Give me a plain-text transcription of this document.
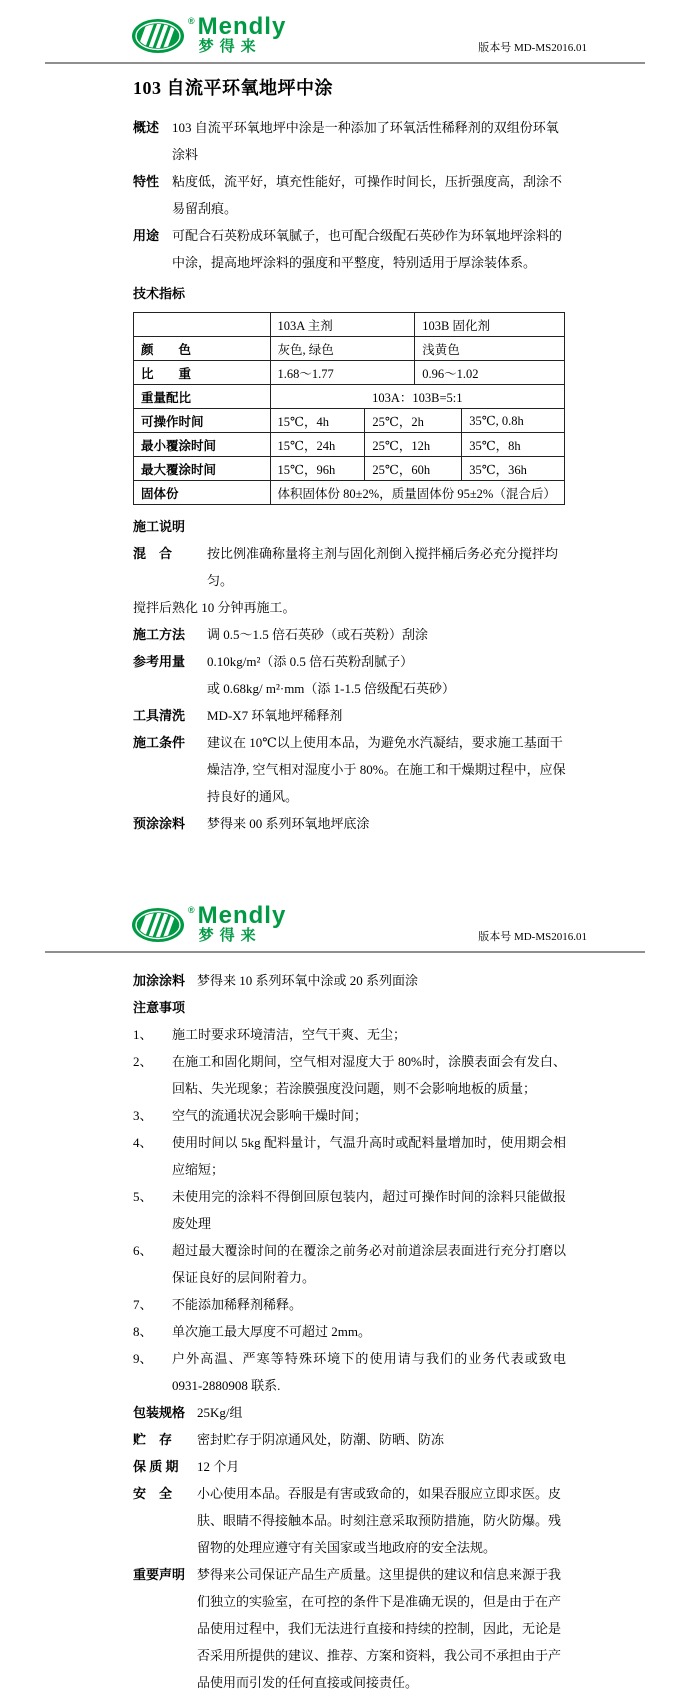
® Mendly
梦得来	版本号 MD-MS2016.01
103 自流平环氧地坪中涂
概述 103 自流平环氧地坪中涂是一种添加了环氧活性稀释剂的双组份环氧涂料
特性 粘度低，流平好，填充性能好，可操作时间长，压折强度高，刮涂不易留刮痕。
用途 可配合石英粉成环氧腻子，也可配合级配石英砂作为环氧地坪涂料的中涂，提高地坪涂料的强度和平整度，特别适用于厚涂装体系。
技术指标
	103A 主剂		103B 固化剂	
颜        色	灰色, 绿色		浅黄色	
比        重	1.68～1.77		0.96～1.02	
重量配比	103A：103B=5:1			
可操作时间	15℃，4h	25℃，2h		35℃, 0.8h
最小覆涂时间	15℃，24h	25℃，12h		35℃，8h
最大覆涂时间	15℃，96h	25℃，60h		35℃，36h
固体份	体积固体份 80±2%，质量固体份 95±2%（混合后）			
施工说明
混    合	按比例准确称量将主剂与固化剂倒入搅拌桶后务必充分搅拌均匀。
搅拌后熟化 10 分钟再施工。
施工方法	调 0.5～1.5 倍石英砂（或石英粉）刮涂
参考用量	0.10kg/m²（添 0.5 倍石英粉刮腻子）
或 0.68kg/ m²·mm（添 1-1.5 倍级配石英砂）
工具清洗	MD-X7 环氧地坪稀释剂
施工条件	建议在 10℃以上使用本品，为避免水汽凝结，要求施工基面干燥洁净, 空气相对湿度小于 80%。在施工和干燥期过程中，应保持良好的通风。
预涂涂料	梦得来 00 系列环氧地坪底涂
® Mendly
梦得来	版本号 MD-MS2016.01
加涂涂料 梦得来 10 系列环氧中涂或 20 系列面涂
注意事项
1、	施工时要求环境清洁，空气干爽、无尘；
2、	在施工和固化期间，空气相对湿度大于 80%时，涂膜表面会有发白、回粘、失光现象；若涂膜强度没问题，则不会影响地板的质量；
3、	空气的流通状况会影响干燥时间；
4、	使用时间以 5kg 配料量计，气温升高时或配料量增加时，使用期会相应缩短；
5、	未使用完的涂料不得倒回原包装内，超过可操作时间的涂料只能做报废处理
6、	超过最大覆涂时间的在覆涂之前务必对前道涂层表面进行充分打磨以保证良好的层间附着力。
7、	不能添加稀释剂稀释。
8、	单次施工最大厚度不可超过 2mm。
9、	户外高温、严寒等特殊环境下的使用请与我们的业务代表或致电 0931-2880908 联系.
包装规格 25Kg/组
贮    存	密封贮存于阴凉通风处，防潮、防晒、防冻
保 质 期	12 个月
安    全	小心使用本品。吞服是有害或致命的，如果吞服应立即求医。皮肤、眼睛不得接触本品。时刻注意采取预防措施，防火防爆。残留物的处理应遵守有关国家或当地政府的安全法规。
重要声明 梦得来公司保证产品生产质量。这里提供的建议和信息来源于我们独立的实验室，在可控的条件下是准确无误的，但是由于在产品使用过程中，我们无法进行直接和持续的控制，因此，无论是否采用所提供的建议、推荐、方案和资料，我公司不承担由于产品使用而引发的任何直接或间接责任。
